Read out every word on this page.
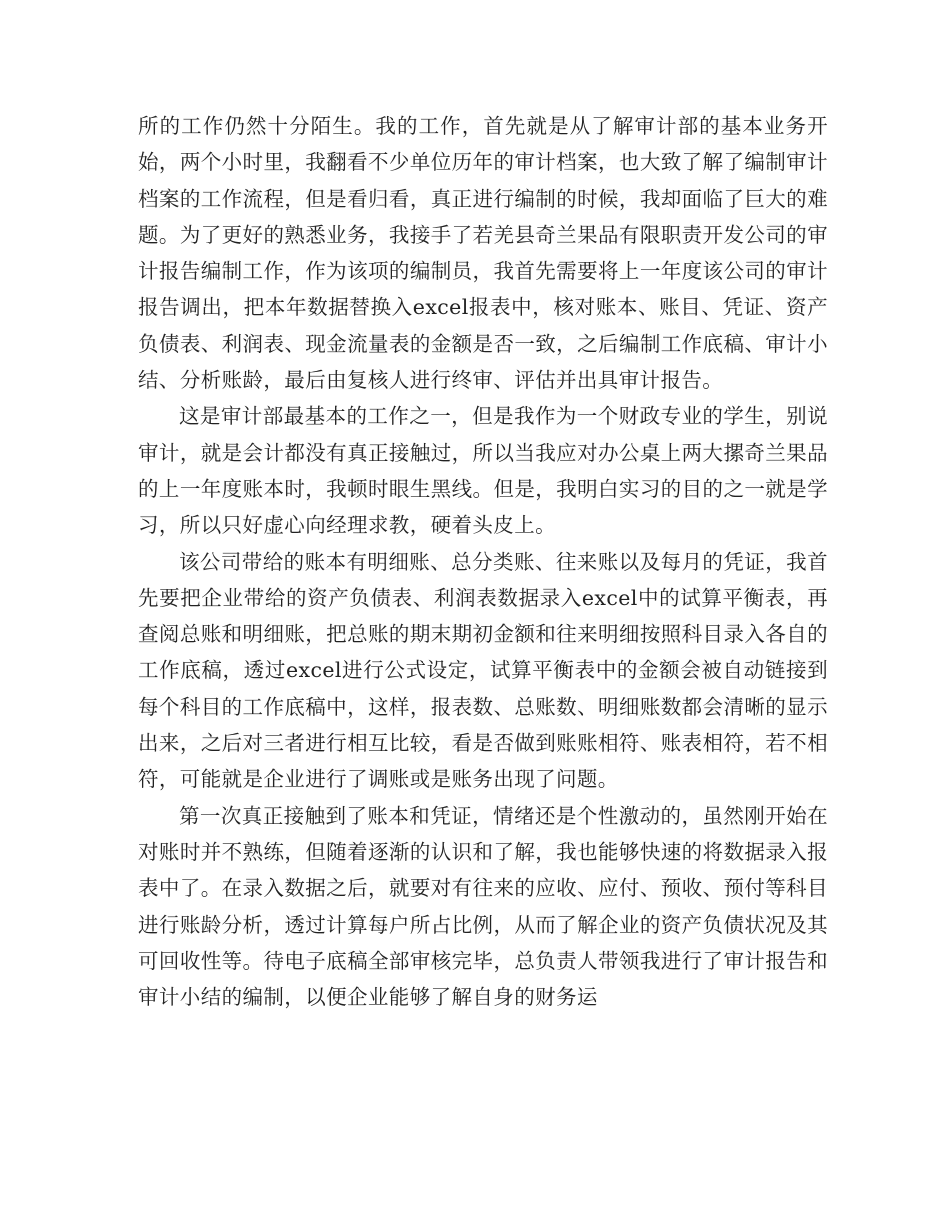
所的工作仍然十分陌生。我的工作，首先就是从了解审计部的基本业务开始，两个小时里，我翻看不少单位历年的审计档案，也大致了解了编制审计档案的工作流程，但是看归看，真正进行编制的时候，我却面临了巨大的难题。为了更好的熟悉业务，我接手了若羌县奇兰果品有限职责开发公司的审计报告编制工作，作为该项的编制员，我首先需要将上一年度该公司的审计报告调出，把本年数据替换入excel报表中，核对账本、账目、凭证、资产负债表、利润表、现金流量表的金额是否一致，之后编制工作底稿、审计小结、分析账龄，最后由复核人进行终审、评估并出具审计报告。

这是审计部最基本的工作之一，但是我作为一个财政专业的学生，别说审计，就是会计都没有真正接触过，所以当我应对办公桌上两大摞奇兰果品的上一年度账本时，我顿时眼生黑线。但是，我明白实习的目的之一就是学习，所以只好虚心向经理求教，硬着头皮上。

该公司带给的账本有明细账、总分类账、往来账以及每月的凭证，我首先要把企业带给的资产负债表、利润表数据录入excel中的试算平衡表，再查阅总账和明细账，把总账的期末期初金额和往来明细按照科目录入各自的工作底稿，透过excel进行公式设定，试算平衡表中的金额会被自动链接到每个科目的工作底稿中，这样，报表数、总账数、明细账数都会清晰的显示出来，之后对三者进行相互比较，看是否做到账账相符、账表相符，若不相符，可能就是企业进行了调账或是账务出现了问题。

第一次真正接触到了账本和凭证，情绪还是个性激动的，虽然刚开始在对账时并不熟练，但随着逐渐的认识和了解，我也能够快速的将数据录入报表中了。在录入数据之后，就要对有往来的应收、应付、预收、预付等科目进行账龄分析，透过计算每户所占比例，从而了解企业的资产负债状况及其可回收性等。待电子底稿全部审核完毕，总负责人带领我进行了审计报告和审计小结的编制，以便企业能够了解自身的财务运
